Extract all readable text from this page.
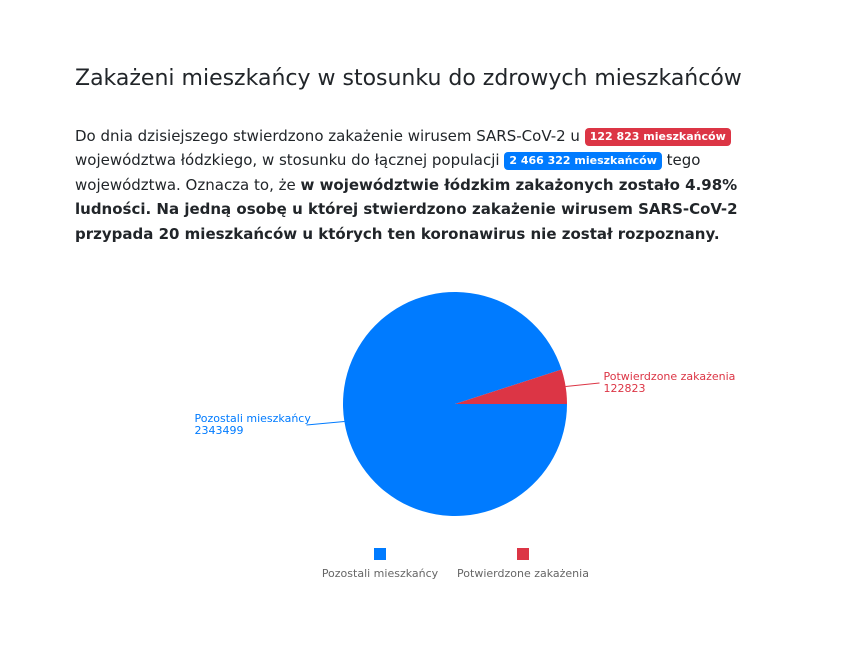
Zakażeni mieszkańcy w stosunku do zdrowych mieszkańców

Do dnia dzisiejszego stwierdzono zakażenie wirusem SARS-CoV-2 u 122 823 mieszkańców województwa łódzkiego, w stosunku do łącznej populacji 2 466 322 mieszkańców tego województwa. Oznacza to, że w województwie łódzkim zakażonych zostało 4.98% ludności. Na jedną osobę u której stwierdzono zakażenie wirusem SARS-CoV-2 przypada 20 mieszkańców u których ten koronawirus nie został rozpoznany.

Pozostali mieszkańcy
2343499
Potwierdzone zakażenia
122823
Pozostali mieszkańcy Potwierdzone zakażenia
